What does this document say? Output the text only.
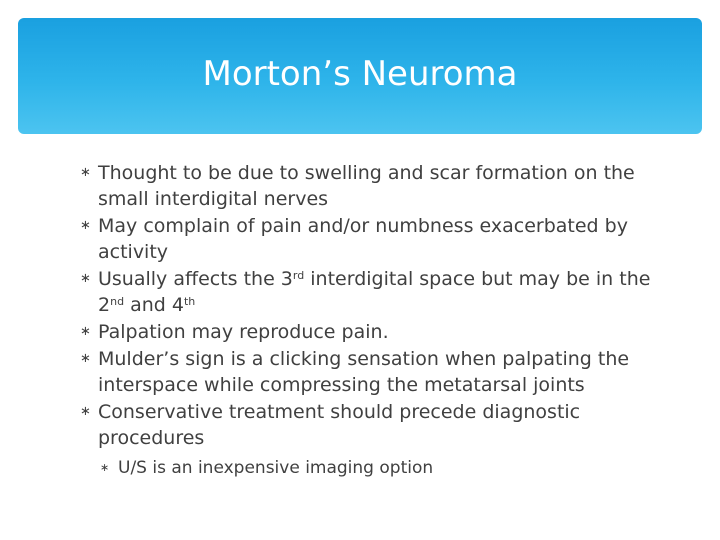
Morton’s Neuroma
∗ Thought to be due to swelling and scar formation on the small interdigital nerves
∗ May complain of pain and/or numbness exacerbated by activity
∗ Usually affects the 3rd interdigital space but may be in the 2nd and 4th
∗ Palpation may reproduce pain.
∗ Mulder’s sign is a clicking sensation when palpating the interspace while compressing the metatarsal joints
∗ Conservative treatment should precede diagnostic procedures
∗ U/S is an inexpensive imaging option
